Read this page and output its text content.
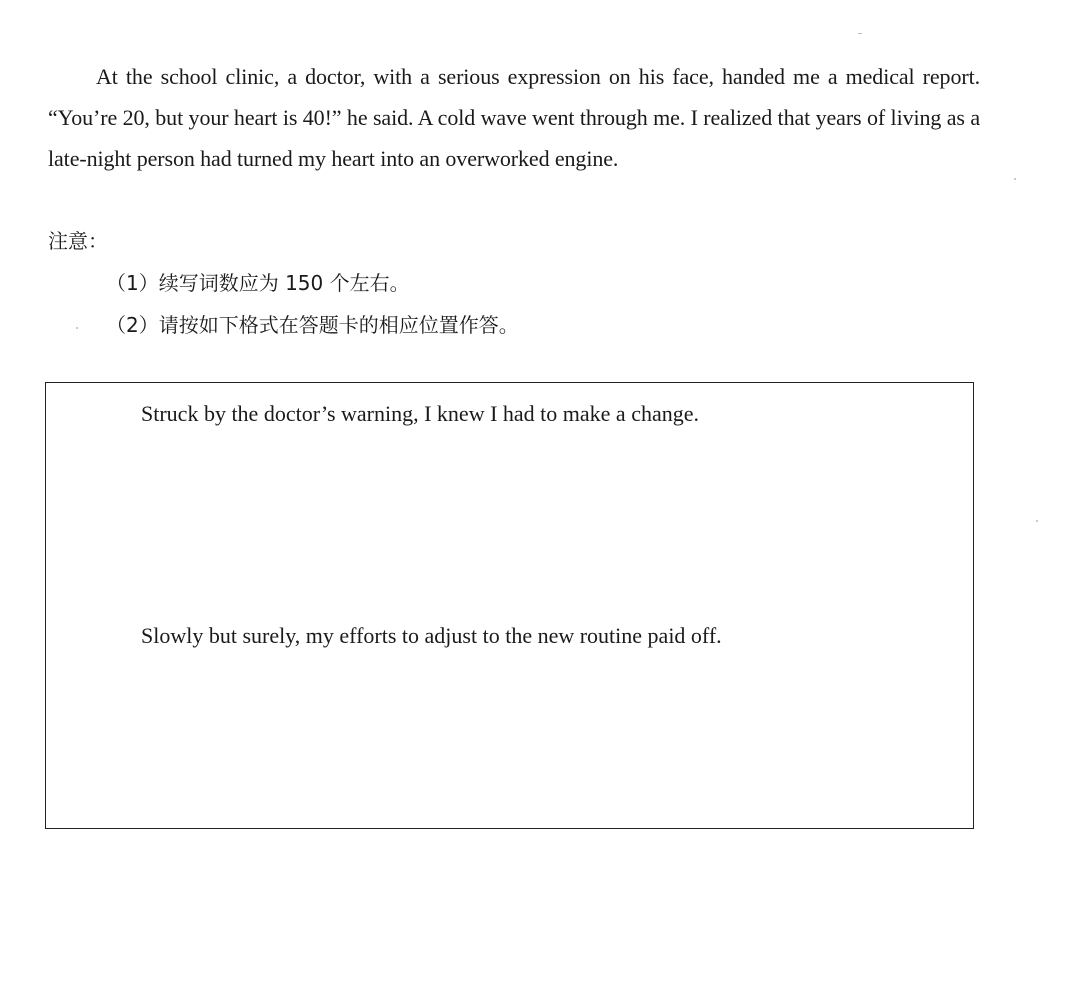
At the school clinic, a doctor, with a serious expression on his face, handed me a medical report. “You’re 20, but your heart is 40!” he said. A cold wave went through me. I realized that years of living as a late-night person had turned my heart into an overworked engine.

注意：
（1）续写词数应为 150 个左右。
（2）请按如下格式在答题卡的相应位置作答。
Struck by the doctor’s warning, I knew I had to make a change.
Slowly but surely, my efforts to adjust to the new routine paid off.
